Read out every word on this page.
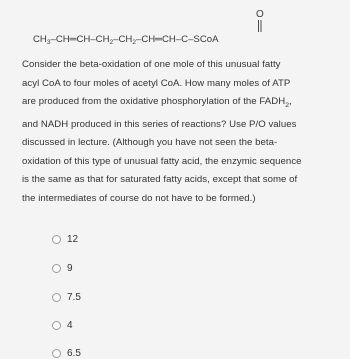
O
$CH_3-CH═CH-CH_2-CH_2-CH═CH-C$–SCoA

Consider the beta-oxidation of one mole of this unusual fatty
acyl CoA to four moles of acetyl CoA. How many moles of ATP
are produced from the oxidative phosphorylation of the $FADH_2$,
and NADH produced in this series of reactions? Use P/O values
discussed in lecture. (Although you have not seen the beta-
oxidation of this type of unusual fatty acid, the enzymic sequence
is the same as that for saturated fatty acids, except that some of
the intermediates of course do not have to be formed.)

12
9
7.5
4
6.5
